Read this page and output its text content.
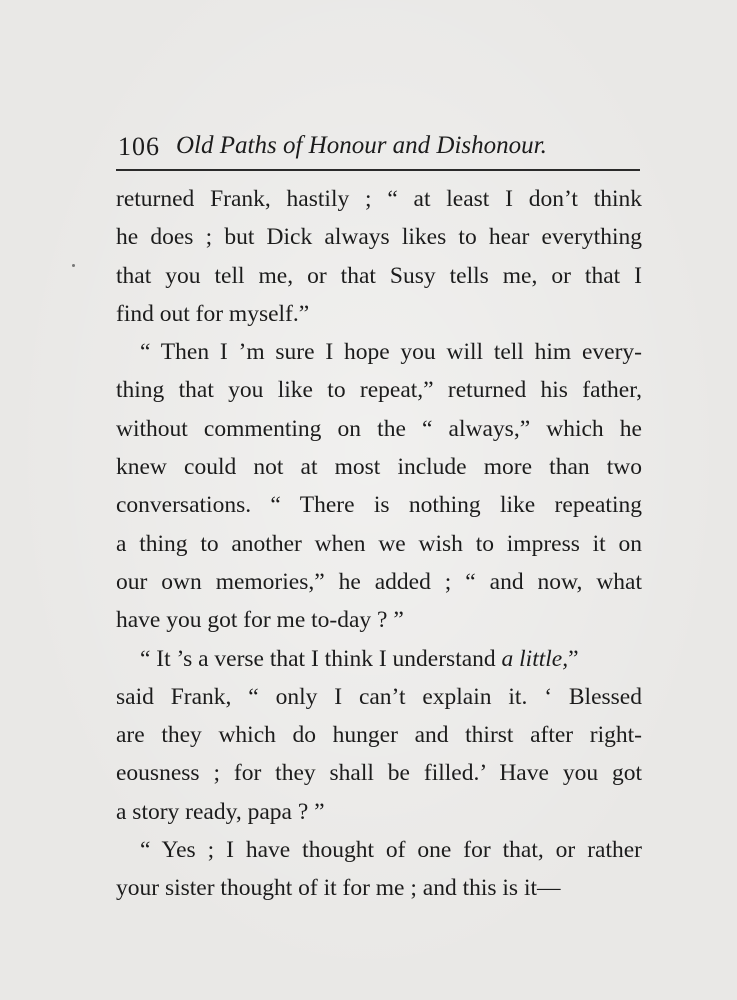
106 Old Paths of Honour and Dishonour.
returned Frank, hastily ; “ at least I don’t think
he does ; but Dick always likes to hear everything
that you tell me, or that Susy tells me, or that I
find out for myself.”
“ Then I ’m sure I hope you will tell him every-
thing that you like to repeat,” returned his father,
without commenting on the “ always,” which he
knew could not at most include more than two
conversations. “ There is nothing like repeating
a thing to another when we wish to impress it on
our own memories,” he added ; “ and now, what
have you got for me to-day ? ”
“ It ’s a verse that I think I understand a little,”
said Frank, “ only I can’t explain it. ‘ Blessed
are they which do hunger and thirst after right-
eousness ; for they shall be filled.’ Have you got
a story ready, papa ? ”
“ Yes ; I have thought of one for that, or rather
your sister thought of it for me ; and this is it—
